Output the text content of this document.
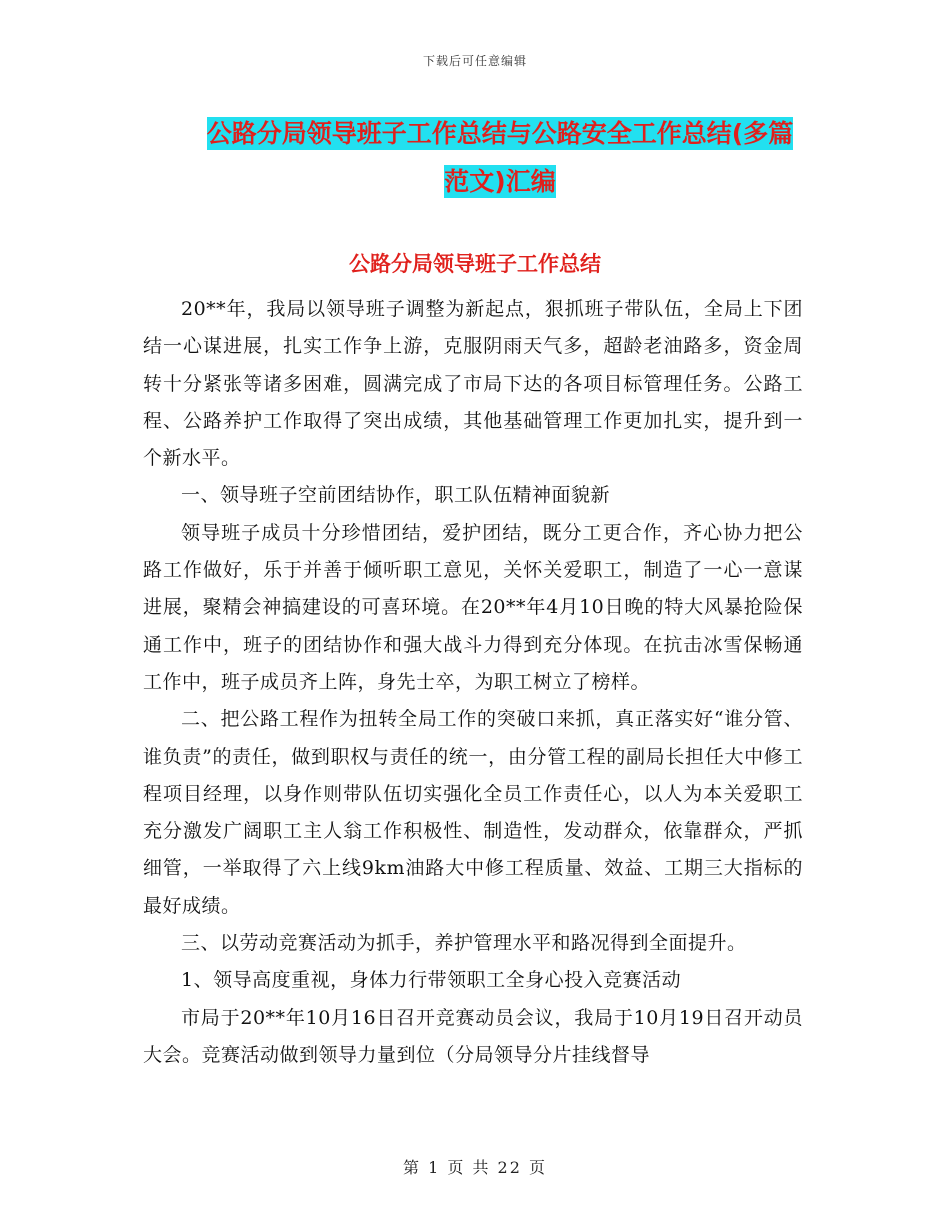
下载后可任意编辑
公路分局领导班子工作总结与公路安全工作总结(多篇
范文)汇编
公路分局领导班子工作总结

20**年，我局以领导班子调整为新起点，狠抓班子带队伍，全局上下团结一心谋进展，扎实工作争上游，克服阴雨天气多，超龄老油路多，资金周转十分紧张等诸多困难，圆满完成了市局下达的各项目标管理任务。公路工程、公路养护工作取得了突出成绩，其他基础管理工作更加扎实，提升到一个新水平。

一、领导班子空前团结协作，职工队伍精神面貌新

领导班子成员十分珍惜团结，爱护团结，既分工更合作，齐心协力把公路工作做好，乐于并善于倾听职工意见，关怀关爱职工，制造了一心一意谋进展，聚精会神搞建设的可喜环境。在20**年4月10日晚的特大风暴抢险保通工作中，班子的团结协作和强大战斗力得到充分体现。在抗击冰雪保畅通工作中，班子成员齐上阵，身先士卒，为职工树立了榜样。

二、把公路工程作为扭转全局工作的突破口来抓，真正落实好“谁分管、谁负责”的责任，做到职权与责任的统一，由分管工程的副局长担任大中修工程项目经理，以身作则带队伍切实强化全员工作责任心，以人为本关爱职工充分激发广阔职工主人翁工作积极性、制造性，发动群众，依靠群众，严抓细管，一举取得了六上线9km油路大中修工程质量、效益、工期三大指标的最好成绩。

三、以劳动竞赛活动为抓手，养护管理水平和路况得到全面提升。

1、领导高度重视，身体力行带领职工全身心投入竞赛活动

市局于20**年10月16日召开竞赛动员会议，我局于10月19日召开动员大会。竞赛活动做到领导力量到位（分局领导分片挂线督导

第 1 页 共 22 页
